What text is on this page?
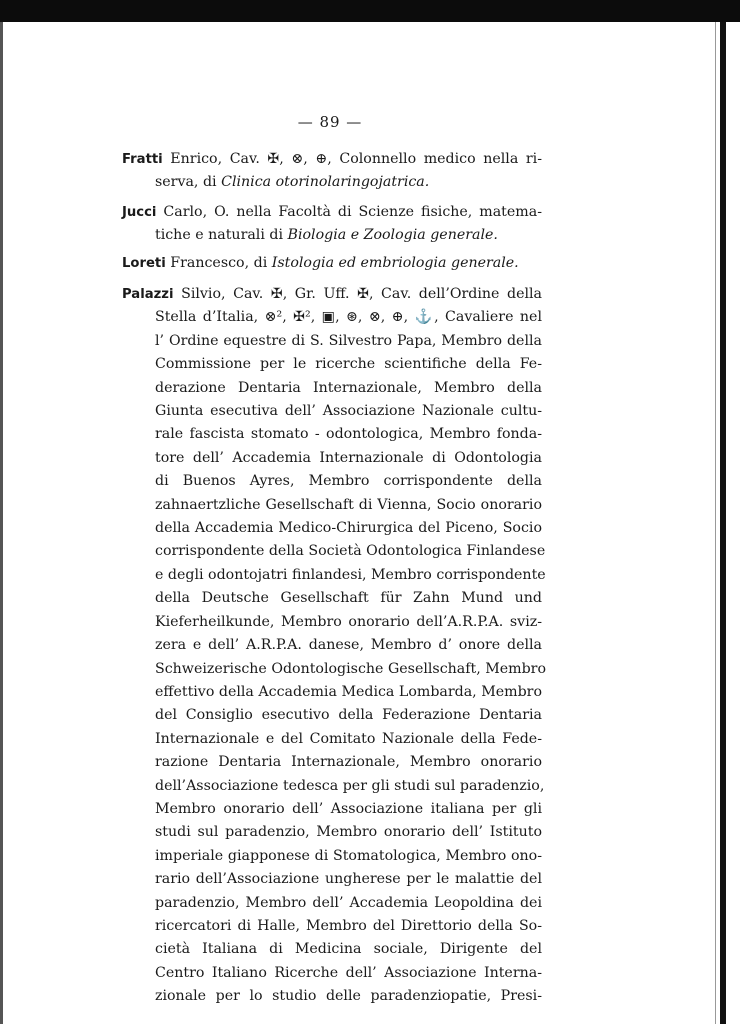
— 89 —
Fratti Enrico, Cav. ✠, ⊗, ⊕, Colonnello medico nella ri-
serva, di Clinica otorinolaringojatrica.
Jucci Carlo, O. nella Facoltà di Scienze fisiche, matema-
tiche e naturali di Biologia e Zoologia generale.
Loreti Francesco, di Istologia ed embriologia generale.
Palazzi Silvio, Cav. ✠, Gr. Uff. ✠, Cav. dell’Ordine della
Stella d’Italia, ⊗², ✠², ▣, ⊛, ⊗, ⊕, ⚓, Cavaliere nel
l’ Ordine equestre di S. Silvestro Papa, Membro della
Commissione per le ricerche scientifiche della Fe-
derazione Dentaria Internazionale, Membro della
Giunta esecutiva dell’ Associazione Nazionale cultu-
rale fascista stomato - odontologica, Membro fonda-
tore dell’ Accademia Internazionale di Odontologia
di Buenos Ayres, Membro corrispondente della
zahnaertzliche Gesellschaft di Vienna, Socio onorario
della Accademia Medico-Chirurgica del Piceno, Socio
corrispondente della Società Odontologica Finlandese
e degli odontojatri finlandesi, Membro corrispondente
della Deutsche Gesellschaft für Zahn Mund und
Kieferheilkunde, Membro onorario dell’A.R.P.A. sviz-
zera e dell’ A.R.P.A. danese, Membro d’ onore della
Schweizerische Odontologische Gesellschaft, Membro
effettivo della Accademia Medica Lombarda, Membro
del Consiglio esecutivo della Federazione Dentaria
Internazionale e del Comitato Nazionale della Fede-
razione Dentaria Internazionale, Membro onorario
dell’Associazione tedesca per gli studi sul paradenzio,
Membro onorario dell’ Associazione italiana per gli
studi sul paradenzio, Membro onorario dell’ Istituto
imperiale giapponese di Stomatologica, Membro ono-
rario dell’Associazione ungherese per le malattie del
paradenzio, Membro dell’ Accademia Leopoldina dei
ricercatori di Halle, Membro del Direttorio della So-
cietà Italiana di Medicina sociale, Dirigente del
Centro Italiano Ricerche dell’ Associazione Interna-
zionale per lo studio delle paradenziopatie, Presi-
